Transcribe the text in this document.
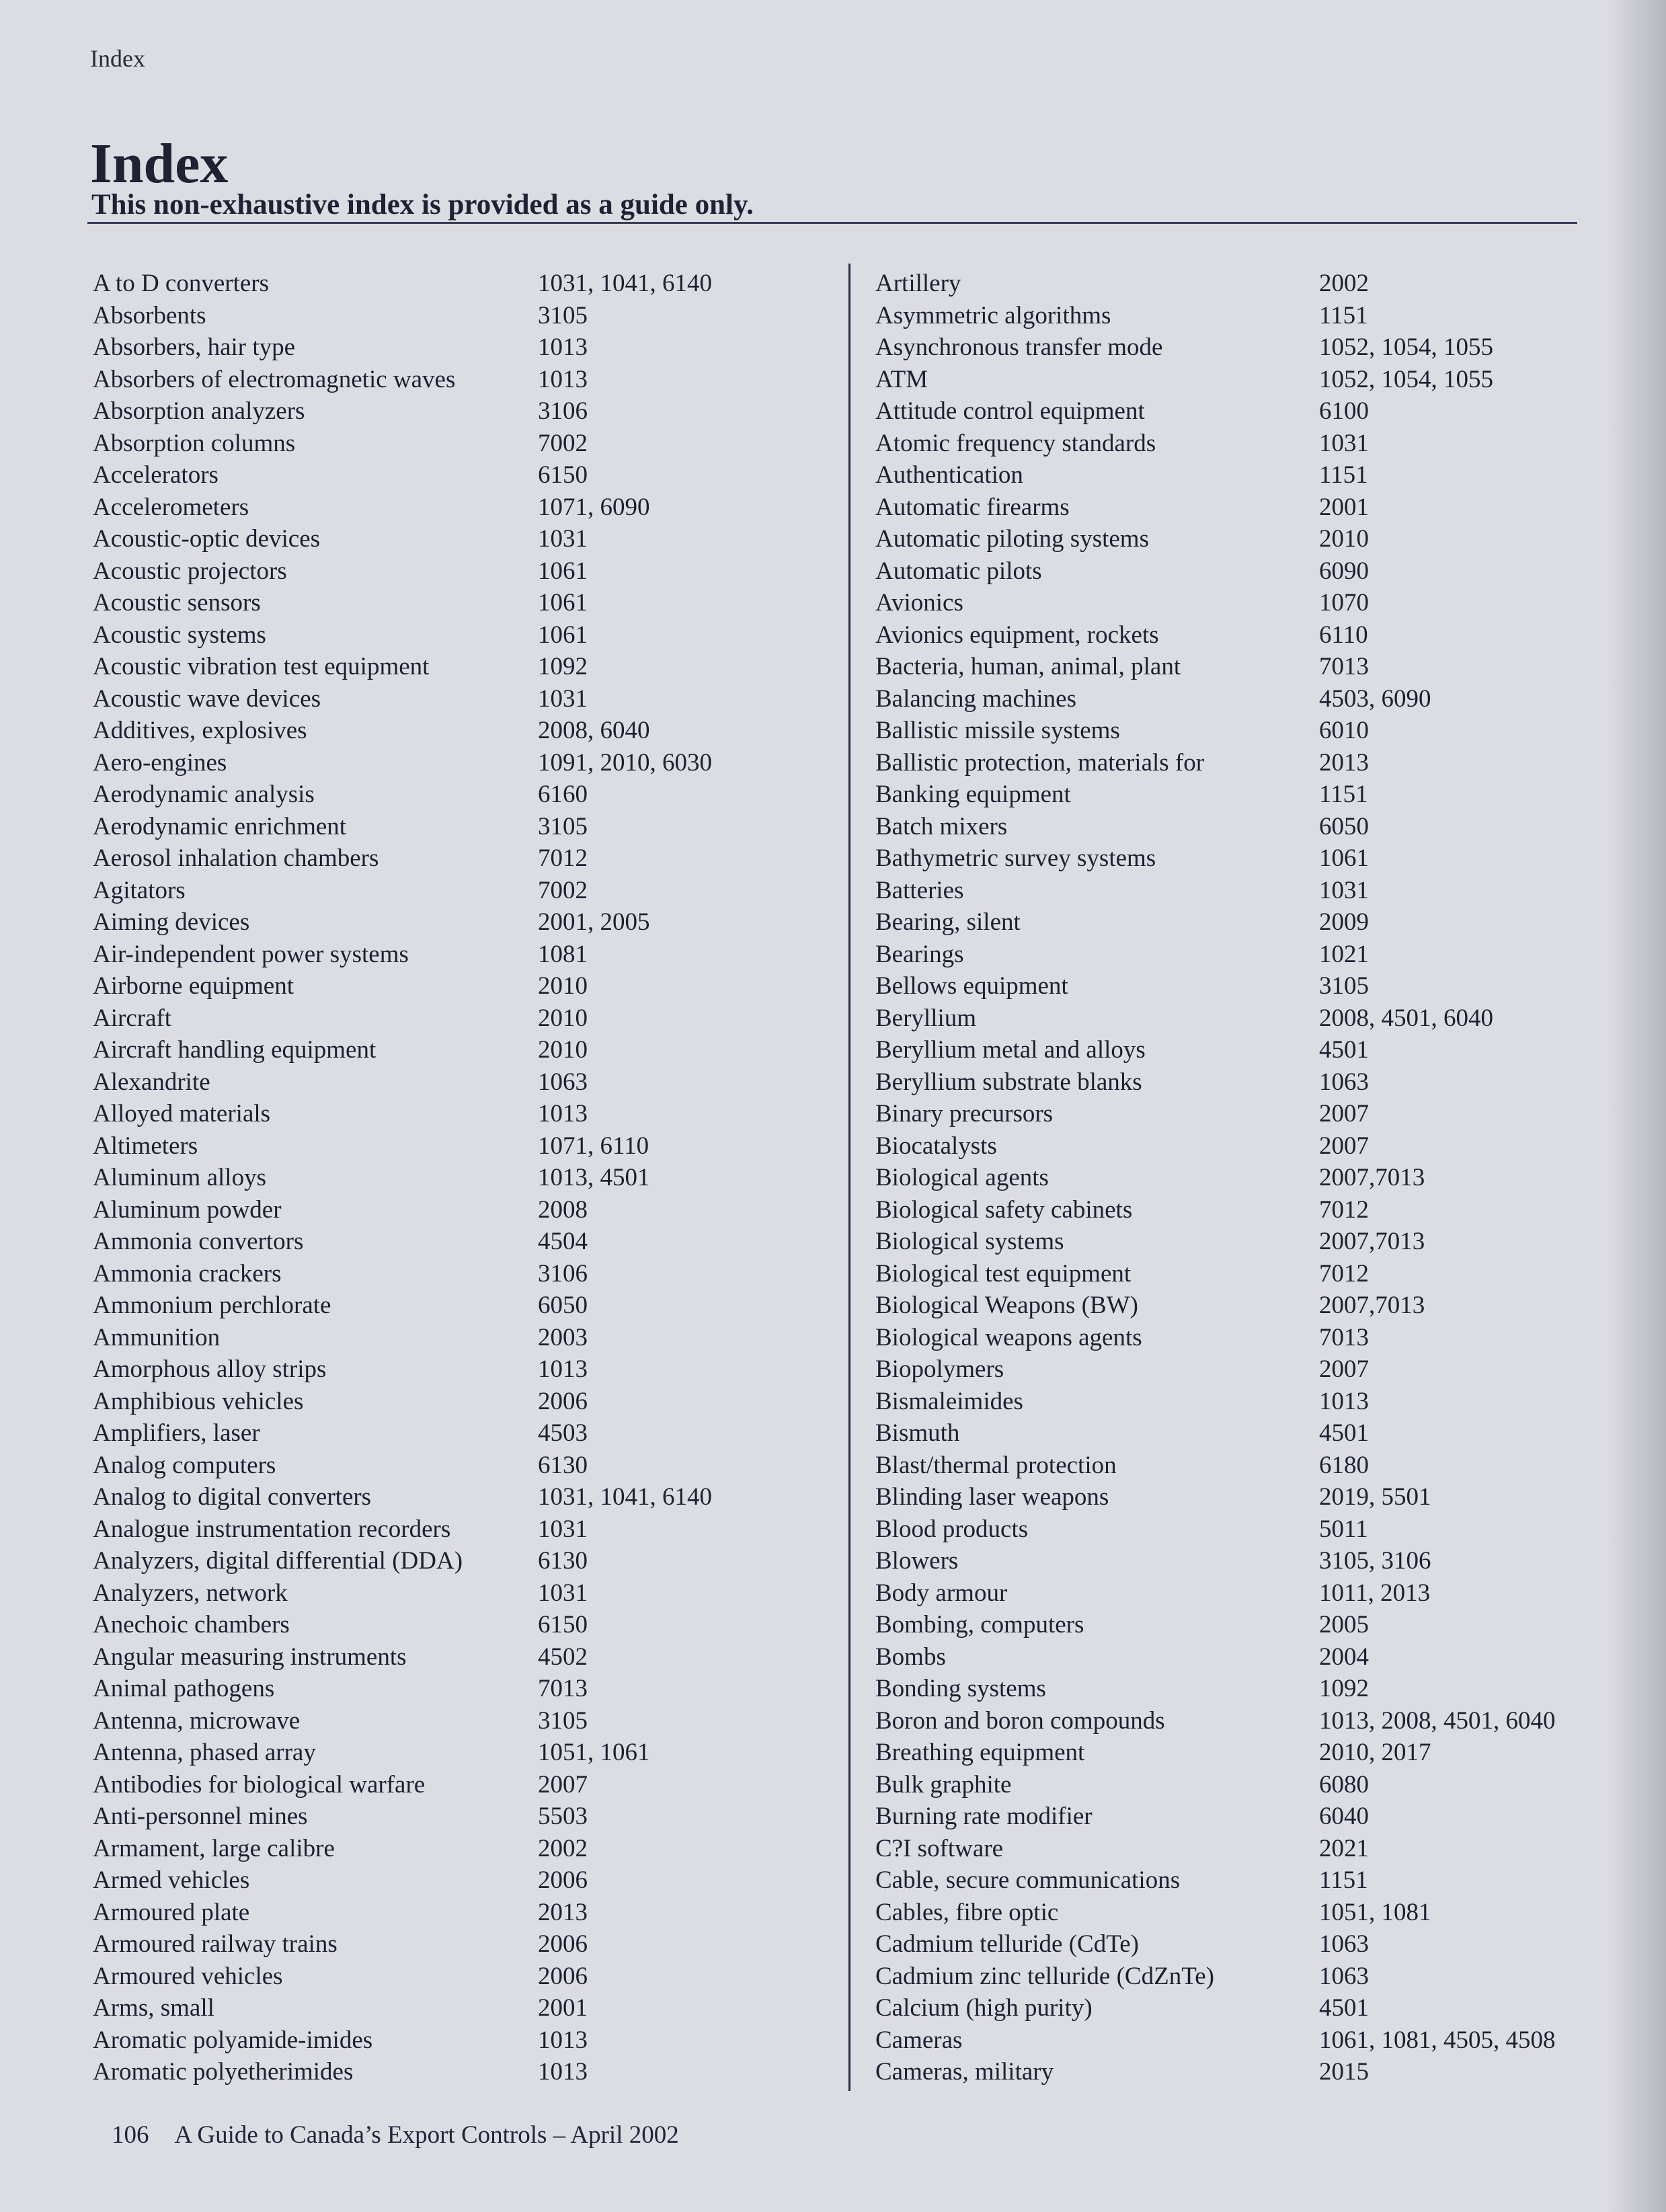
Index
Index
This non-exhaustive index is provided as a guide only.
A to D converters	1031, 1041, 6140
Absorbents	3105
Absorbers, hair type	1013
Absorbers of electromagnetic waves	1013
Absorption analyzers	3106
Absorption columns	7002
Accelerators	6150
Accelerometers	1071, 6090
Acoustic-optic devices	1031
Acoustic projectors	1061
Acoustic sensors	1061
Acoustic systems	1061
Acoustic vibration test equipment	1092
Acoustic wave devices	1031
Additives, explosives	2008, 6040
Aero-engines	1091, 2010, 6030
Aerodynamic analysis	6160
Aerodynamic enrichment	3105
Aerosol inhalation chambers	7012
Agitators	7002
Aiming devices	2001, 2005
Air-independent power systems	1081
Airborne equipment	2010
Aircraft	2010
Aircraft handling equipment	2010
Alexandrite	1063
Alloyed materials	1013
Altimeters	1071, 6110
Aluminum alloys	1013, 4501
Aluminum powder	2008
Ammonia convertors	4504
Ammonia crackers	3106
Ammonium perchlorate	6050
Ammunition	2003
Amorphous alloy strips	1013
Amphibious vehicles	2006
Amplifiers, laser	4503
Analog computers	6130
Analog to digital converters	1031, 1041, 6140
Analogue instrumentation recorders	1031
Analyzers, digital differential (DDA)	6130
Analyzers, network	1031
Anechoic chambers	6150
Angular measuring instruments	4502
Animal pathogens	7013
Antenna, microwave	3105
Antenna, phased array	1051, 1061
Antibodies for biological warfare	2007
Anti-personnel mines	5503
Armament, large calibre	2002
Armed vehicles	2006
Armoured plate	2013
Armoured railway trains	2006
Armoured vehicles	2006
Arms, small	2001
Aromatic polyamide-imides	1013
Aromatic polyetherimides	1013
Artillery	2002
Asymmetric algorithms	1151
Asynchronous transfer mode	1052, 1054, 1055
ATM	1052, 1054, 1055
Attitude control equipment	6100
Atomic frequency standards	1031
Authentication	1151
Automatic firearms	2001
Automatic piloting systems	2010
Automatic pilots	6090
Avionics	1070
Avionics equipment, rockets	6110
Bacteria, human, animal, plant	7013
Balancing machines	4503, 6090
Ballistic missile systems	6010
Ballistic protection, materials for	2013
Banking equipment	1151
Batch mixers	6050
Bathymetric survey systems	1061
Batteries	1031
Bearing, silent	2009
Bearings	1021
Bellows equipment	3105
Beryllium	2008, 4501, 6040
Beryllium metal and alloys	4501
Beryllium substrate blanks	1063
Binary precursors	2007
Biocatalysts	2007
Biological agents	2007,7013
Biological safety cabinets	7012
Biological systems	2007,7013
Biological test equipment	7012
Biological Weapons (BW)	2007,7013
Biological weapons agents	7013
Biopolymers	2007
Bismaleimides	1013
Bismuth	4501
Blast/thermal protection	6180
Blinding laser weapons	2019, 5501
Blood products	5011
Blowers	3105, 3106
Body armour	1011, 2013
Bombing, computers	2005
Bombs	2004
Bonding systems	1092
Boron and boron compounds	1013, 2008, 4501, 6040
Breathing equipment	2010, 2017
Bulk graphite	6080
Burning rate modifier	6040
C?I software	2021
Cable, secure communications	1151
Cables, fibre optic	1051, 1081
Cadmium telluride (CdTe)	1063
Cadmium zinc telluride (CdZnTe)	1063
Calcium (high purity)	4501
Cameras	1061, 1081, 4505, 4508
Cameras, military	2015
106 A Guide to Canada’s Export Controls – April 2002
